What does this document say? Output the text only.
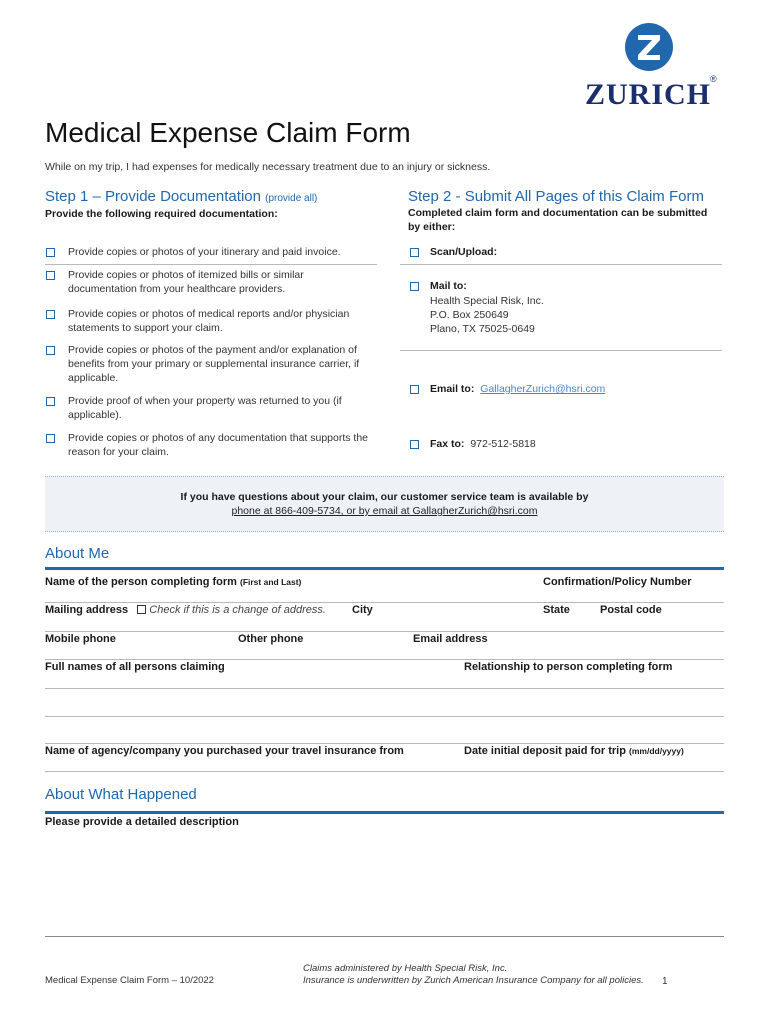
ZURICH
®
Medical Expense Claim Form
While on my trip, I had expenses for medically necessary treatment due to an injury or sickness.
Step 1 – Provide Documentation (provide all)
Provide the following required documentation:
Provide copies or photos of your itinerary and paid invoice.
Provide copies or photos of itemized bills or similar documentation from your healthcare providers.
Provide copies or photos of medical reports and/or physician statements to support your claim.
Provide copies or photos of the payment and/or explanation of benefits from your primary or supplemental insurance carrier, if applicable.
Provide proof of when your property was returned to you (if applicable).
Provide copies or photos of any documentation that supports the reason for your claim.
Step 2 - Submit All Pages of this Claim Form
Completed claim form and documentation can be submitted by either:
Scan/Upload:
Mail to:
Health Special Risk, Inc.
P.O. Box 250649
Plano, TX 75025-0649
Email to: GallagherZurich@hsri.com
Fax to: 972-512-5818
If you have questions about your claim, our customer service team is available by
phone at 866-409-5734, or by email at GallagherZurich@hsri.com
About Me
Name of the person completing form (First and Last)	Confirmation/Policy Number
Mailing address Check if this is a change of address. City	State	Postal code
Mobile phone	Other phone	Email address
Full names of all persons claiming	Relationship to person completing form
Name of agency/company you purchased your travel insurance from	Date initial deposit paid for trip (mm/dd/yyyy)
About What Happened
Please provide a detailed description
Medical Expense Claim Form – 10/2022
Claims administered by Health Special Risk, Inc.
Insurance is underwritten by Zurich American Insurance Company for all policies. 1
